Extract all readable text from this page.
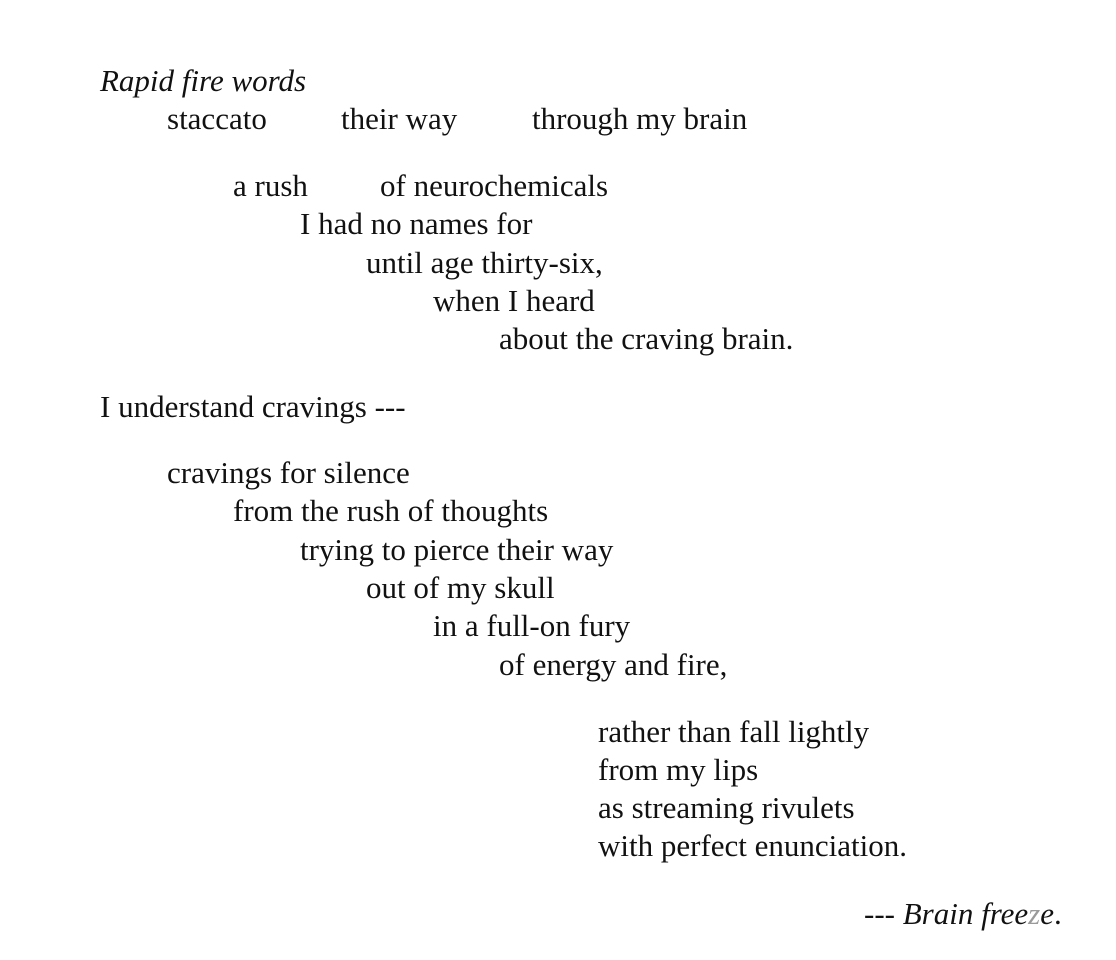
Rapid fire words

staccato their way through my brain

a rush of neurochemicals

I had no names for

until age thirty-six,

when I heard

about the craving brain.

I understand cravings ---

cravings for silence

from the rush of thoughts

trying to pierce their way

out of my skull

in a full-on fury

of energy and fire,

rather than fall lightly

from my lips

as streaming rivulets

with perfect enunciation.

--- Brain freeze.
